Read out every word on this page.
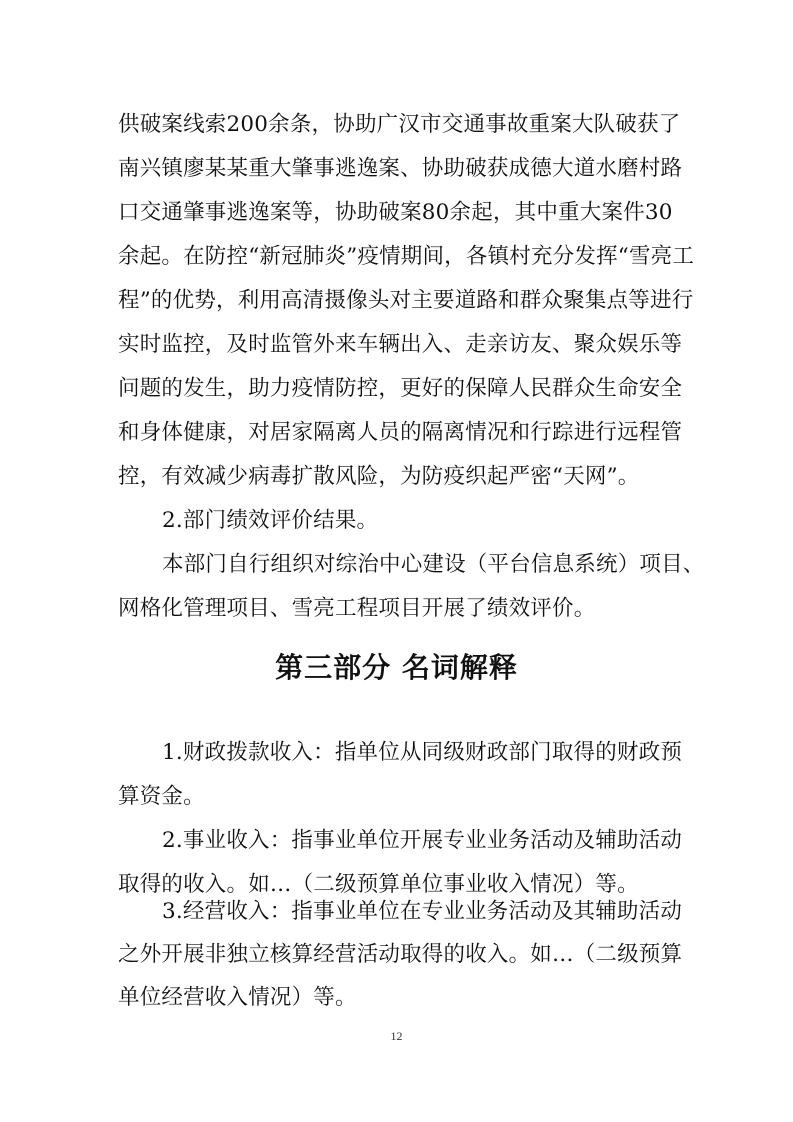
供破案线索200余条，协助广汉市交通事故重案大队破获了
南兴镇廖某某重大肇事逃逸案、协助破获成德大道水磨村路
口交通肇事逃逸案等，协助破案80余起，其中重大案件30
余起。在防控“新冠肺炎”疫情期间，各镇村充分发挥“雪亮工
程”的优势，利用高清摄像头对主要道路和群众聚集点等进行
实时监控，及时监管外来车辆出入、走亲访友、聚众娱乐等
问题的发生，助力疫情防控，更好的保障人民群众生命安全
和身体健康，对居家隔离人员的隔离情况和行踪进行远程管
控，有效减少病毒扩散风险，为防疫织起严密“天网”。
2.部门绩效评价结果。
本部门自行组织对综治中心建设（平台信息系统）项目、
网格化管理项目、雪亮工程项目开展了绩效评价。
第三部分 名词解释
1.财政拨款收入：指单位从同级财政部门取得的财政预
算资金。
2.事业收入：指事业单位开展专业业务活动及辅助活动
取得的收入。如…（二级预算单位事业收入情况）等。
3.经营收入：指事业单位在专业业务活动及其辅助活动
之外开展非独立核算经营活动取得的收入。如…（二级预算
12
单位经营收入情况）等。
